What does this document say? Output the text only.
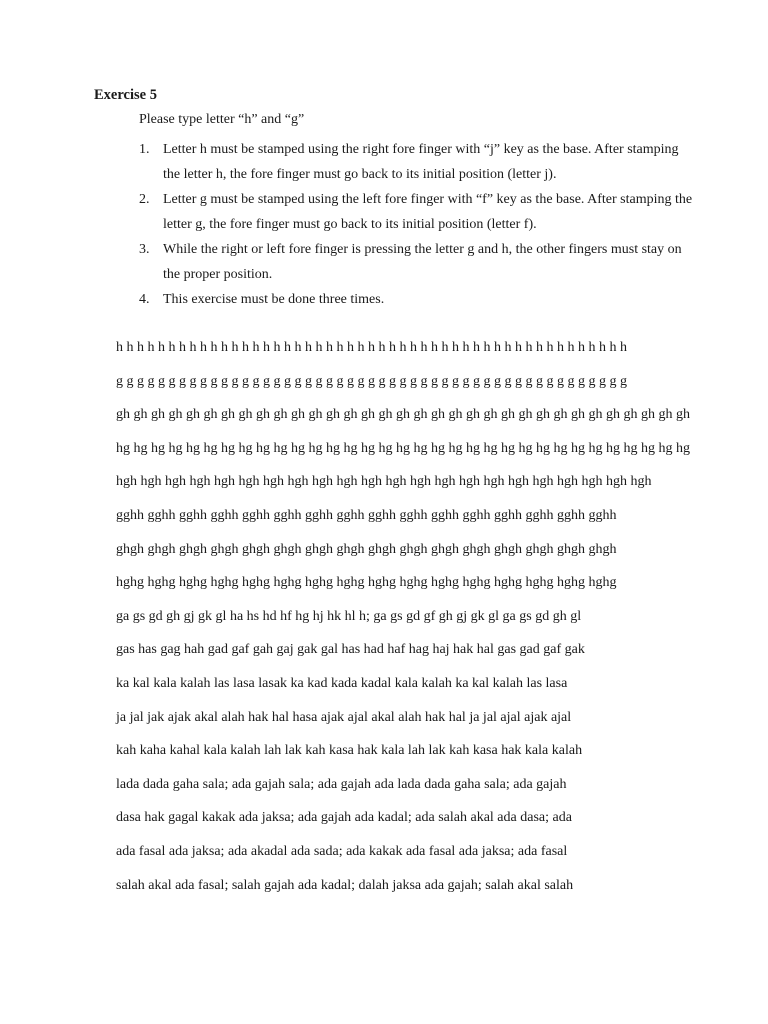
Exercise 5
Please type letter “h” and “g”
1. Letter h must be stamped using the right fore finger with “j” key as the base. After stamping the letter h, the fore finger must go back to its initial position (letter j).
2. Letter g must be stamped using the left fore finger with “f” key as the base. After stamping the letter g, the fore finger must go back to its initial position (letter f).
3. While the right or left fore finger is pressing the letter g and h, the other fingers must stay on the proper position.
4. This exercise must be done three times.
h h h h h h h h h h h h h h h h h h h h h h h h h h h h h h h h h h h h h h h h h h h h h h h h h
g g g g g g g g g g g g g g g g g g g g g g g g g g g g g g g g g g g g g g g g g g g g g g g g g
gh gh gh gh gh gh gh gh gh gh gh gh gh gh gh gh gh gh gh gh gh gh gh gh gh gh gh gh gh gh gh gh gh
hg hg hg hg hg hg hg hg hg hg hg hg hg hg hg hg hg hg hg hg hg hg hg hg hg hg hg hg hg hg hg hg hg
hgh hgh hgh hgh hgh hgh hgh hgh hgh hgh hgh hgh hgh hgh hgh hgh hgh hgh hgh hgh hgh hgh
gghh gghh gghh gghh gghh gghh gghh gghh gghh gghh gghh gghh gghh gghh gghh gghh
ghgh ghgh ghgh ghgh ghgh ghgh ghgh ghgh ghgh ghgh ghgh ghgh ghgh ghgh ghgh ghgh
hghg hghg hghg hghg hghg hghg hghg hghg hghg hghg hghg hghg hghg hghg hghg hghg
ga gs gd gh gj gk gl ha hs hd hf hg hj hk hl h; ga gs gd gf gh gj gk gl ga gs gd gh gl
gas has gag hah gad gaf gah gaj gak gal has had haf hag haj hak hal gas gad gaf gak
ka kal kala kalah las lasa lasak ka kad kada kadal kala kalah ka kal kalah las lasa
ja jal jak ajak akal alah hak hal hasa ajak ajal akal alah hak hal ja jal ajal ajak ajal
kah kaha kahal kala kalah lah lak kah kasa hak kala lah lak kah kasa hak kala kalah
lada dada gaha sala; ada gajah sala; ada gajah ada lada dada gaha sala; ada gajah
dasa hak gagal kakak ada jaksa; ada gajah ada kadal; ada salah akal ada dasa; ada
ada fasal ada jaksa; ada akadal ada sada; ada kakak ada fasal ada jaksa; ada fasal
salah akal ada fasal; salah gajah ada kadal; dalah jaksa ada gajah; salah akal salah
